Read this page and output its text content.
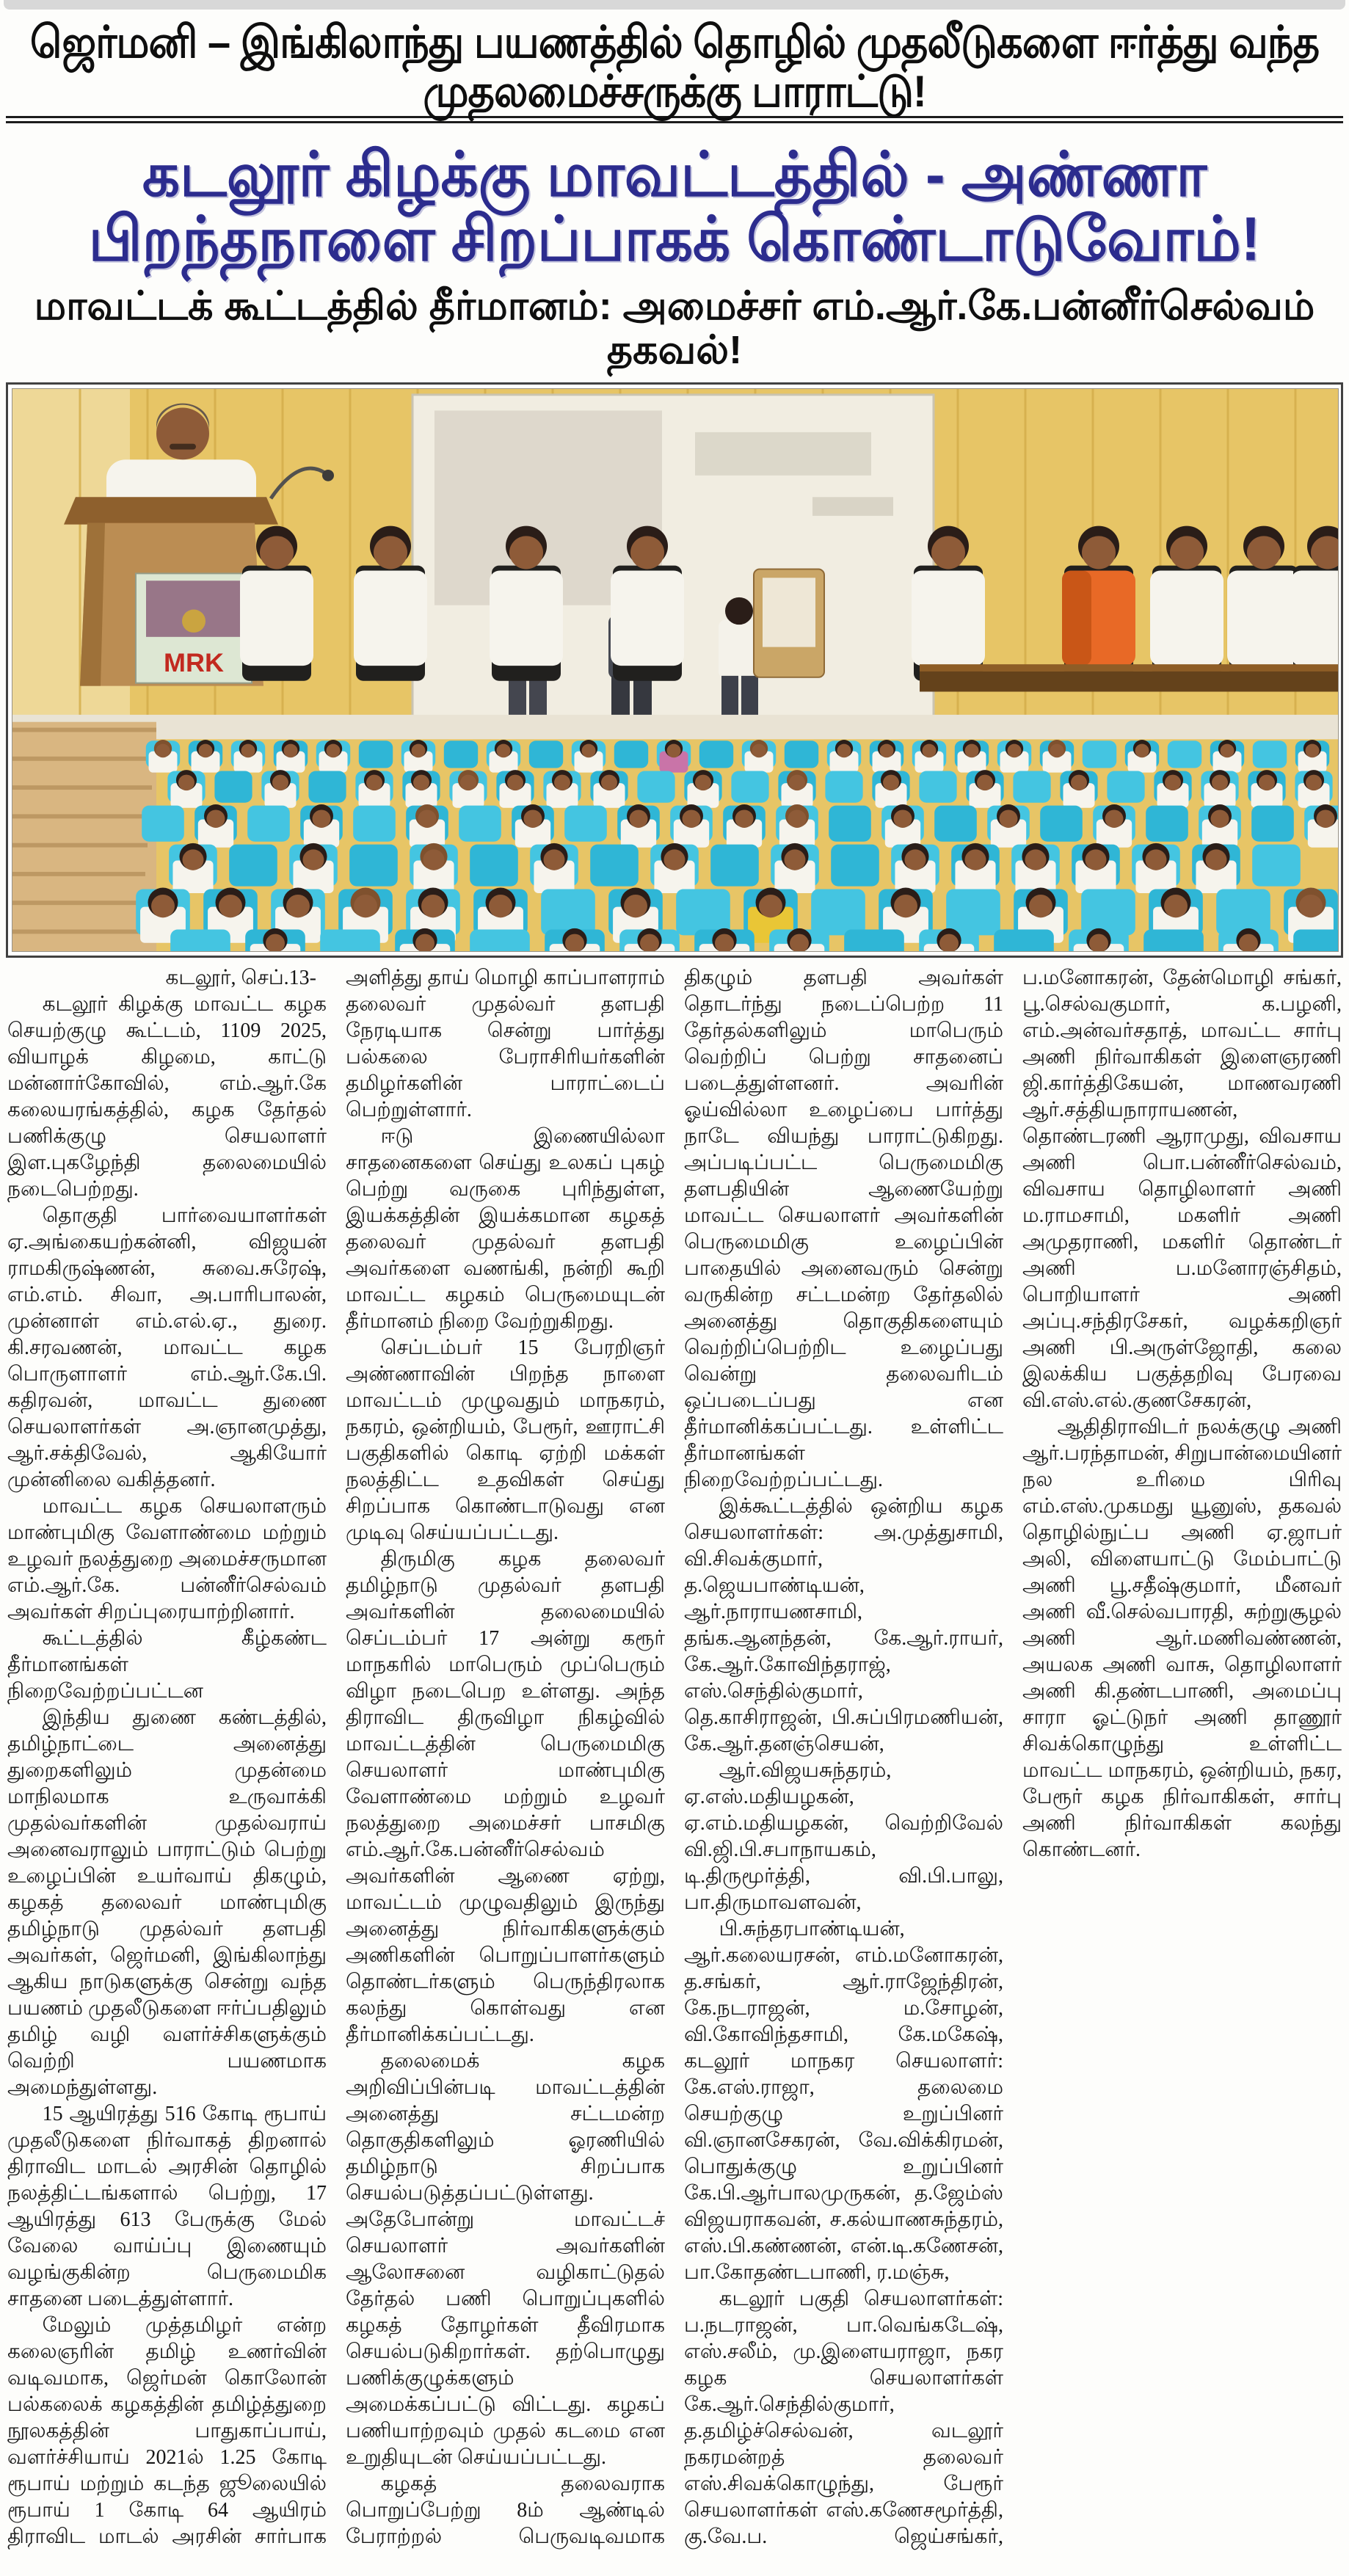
ஜெர்மனி – இங்கிலாந்து பயணத்தில் தொழில் முதலீடுகளை ஈர்த்து வந்த முதலமைச்சருக்கு பாராட்டு!
கடலூர் கிழக்கு மாவட்டத்தில் - அண்ணா பிறந்தநாளை சிறப்பாகக் கொண்டாடுவோம்!
மாவட்டக் கூட்டத்தில் தீர்மானம்: அமைச்சர் எம்.ஆர்.கே.பன்னீர்செல்வம் தகவல்!
MRK

கடலூர், செப்.13-

கடலூர் கிழக்கு மாவட்ட கழக செயற்குழு கூட்டம், 1109 2025, வியாழக் கிழமை, காட்டு மன்னார்கோவில், எம்.ஆர்.கே கலையரங்கத்தில், கழக தேர்தல் பணிக்குழு செயலாளர் இள.புகழேந்தி தலைமையில் நடைபெற்றது.

தொகுதி பார்வையாளர்கள் ஏ.அங்கையற்கன்னி, விஜயன் ராமகிருஷ்ணன், சுவை.சுரேஷ், எம்.எம். சிவா, அ.பாரிபாலன், முன்னாள் எம்.எல்.ஏ., துரை. கி.சரவணன், மாவட்ட கழக பொருளாளர் எம்.ஆர்.கே.பி. கதிரவன், மாவட்ட துணை செயலாளர்கள் அ.ஞானமுத்து, ஆர்.சக்திவேல், ஆகியோர் முன்னிலை வகித்தனர்.

மாவட்ட கழக செயலாளரும் மாண்புமிகு வேளாண்மை மற்றும் உழவர் நலத்துறை அமைச்சருமான எம்.ஆர்.கே. பன்னீர்செல்வம் அவர்கள் சிறப்புரையாற்றினார்.

கூட்டத்தில் கீழ்கண்ட தீர்மானங்கள் நிறைவேற்றப்பட்டன

இந்திய துணை கண்டத்தில், தமிழ்நாட்டை அனைத்து துறைகளிலும் முதன்மை மாநிலமாக உருவாக்கி முதல்வர்களின் முதல்வராய் அனைவராலும் பாராட்டும் பெற்று உழைப்பின் உயர்வாய் திகழும், கழகத் தலைவர் மாண்புமிகு தமிழ்நாடு முதல்வர் தளபதி அவர்கள், ஜெர்மனி, இங்கிலாந்து ஆகிய நாடுகளுக்கு சென்று வந்த பயணம் முதலீடுகளை ஈர்ப்பதிலும் தமிழ் வழி வளர்ச்சிகளுக்கும் வெற்றி பயணமாக அமைந்துள்ளது.

15 ஆயிரத்து 516 கோடி ரூபாய் முதலீடுகளை நிர்வாகத் திறனால் திராவிட மாடல் அரசின் தொழில் நலத்திட்டங்களால் பெற்று, 17 ஆயிரத்து 613 பேருக்கு மேல் வேலை வாய்ப்பு இணையும் வழங்குகின்ற பெருமைமிக சாதனை படைத்துள்ளார்.

மேலும் முத்தமிழர் என்ற கலைஞரின் தமிழ் உணர்வின் வடிவமாக, ஜெர்மன் கொலோன் பல்கலைக் கழகத்தின் தமிழ்த்துறை நூலகத்தின் பாதுகாப்பாய், வளர்ச்சியாய் 2021ல் 1.25 கோடி ரூபாய் மற்றும் கடந்த ஜூலையில் ரூபாய் 1 கோடி 64 ஆயிரம் திராவிட மாடல் அரசின் சார்பாக அளித்து தாய் மொழி காப்பாளராம் தலைவர் முதல்வர் தளபதி நேரடியாக சென்று பார்த்து பல்கலை பேராசிரியர்களின் தமிழர்களின் பாராட்டைப் பெற்றுள்ளார்.

ஈடு இணையில்லா சாதனைகளை செய்து உலகப் புகழ் பெற்று வருகை புரிந்துள்ள, இயக்கத்தின் இயக்கமான கழகத் தலைவர் முதல்வர் தளபதி அவர்களை வணங்கி, நன்றி கூறி மாவட்ட கழகம் பெருமையுடன் தீர்மானம் நிறை வேற்றுகிறது.

செப்டம்பர் 15 பேரறிஞர் அண்ணாவின் பிறந்த நாளை மாவட்டம் முழுவதும் மாநகரம், நகரம், ஒன்றியம், பேரூர், ஊராட்சி பகுதிகளில் கொடி ஏற்றி மக்கள் நலத்திட்ட உதவிகள் செய்து சிறப்பாக கொண்டாடுவது என முடிவு செய்யப்பட்டது.

திருமிகு கழக தலைவர் தமிழ்நாடு முதல்வர் தளபதி அவர்களின் தலைமையில் செப்டம்பர் 17 அன்று கரூர் மாநகரில் மாபெரும் முப்பெரும் விழா நடைபெற உள்ளது. அந்த திராவிட திருவிழா நிகழ்வில் மாவட்டத்தின் பெருமைமிகு செயலாளர் மாண்புமிகு வேளாண்மை மற்றும் உழவர் நலத்துறை அமைச்சர் பாசமிகு எம்.ஆர்.கே.பன்னீர்செல்வம் அவர்களின் ஆணை ஏற்று, மாவட்டம் முழுவதிலும் இருந்து அனைத்து நிர்வாகிகளுக்கும் அணிகளின் பொறுப்பாளர்களும் தொண்டர்களும் பெருந்திரலாக கலந்து கொள்வது என தீர்மானிக்கப்பட்டது.

தலைமைக் கழக அறிவிப்பின்படி மாவட்டத்தின் அனைத்து சட்டமன்ற தொகுதிகளிலும் ஓரணியில் தமிழ்நாடு சிறப்பாக செயல்படுத்தப்பட்டுள்ளது. அதேபோன்று மாவட்டச் செயலாளர் அவர்களின் ஆலோசனை வழிகாட்டுதல் தேர்தல் பணி பொறுப்புகளில் கழகத் தோழர்கள் தீவிரமாக செயல்படுகிறார்கள். தற்பொழுது பணிக்குழுக்களும் அமைக்கப்பட்டு விட்டது. கழகப் பணியாற்றவும் முதல் கடமை என உறுதியுடன் செய்யப்பட்டது.

கழகத் தலைவராக பொறுப்பேற்று 8ம் ஆண்டில் பேராற்றல் பெருவடிவமாக திகழும் தளபதி அவர்கள் தொடர்ந்து நடைப்பெற்ற 11 தேர்தல்களிலும் மாபெரும் வெற்றிப் பெற்று சாதனைப் படைத்துள்ளனர். அவரின் ஓய்வில்லா உழைப்பை பார்த்து நாடே வியந்து பாராட்டுகிறது. அப்படிப்பட்ட பெருமைமிகு தளபதியின் ஆணையேற்று மாவட்ட செயலாளர் அவர்களின் பெருமைமிகு உழைப்பின் பாதையில் அனைவரும் சென்று வருகின்ற சட்டமன்ற தேர்தலில் அனைத்து தொகுதிகளையும் வெற்றிப்பெற்றிட உழைப்பது வென்று தலைவரிடம் ஒப்படைப்பது என தீர்மானிக்கப்பட்டது. உள்ளிட்ட தீர்மானங்கள் நிறைவேற்றப்பட்டது.

இக்கூட்டத்தில் ஒன்றிய கழக செயலாளர்கள்: அ.முத்துசாமி, வி.சிவக்குமார், த.ஜெயபாண்டியன், ஆர்.நாராயணசாமி, தங்க.ஆனந்தன், கே.ஆர்.ராயர், கே.ஆர்.கோவிந்தராஜ், எஸ்.செந்தில்குமார், தெ.காசிராஜன், பி.சுப்பிரமணியன், கே.ஆர்.தனஞ்செயன்,

ஆர்.விஜயசுந்தரம், ஏ.எஸ்.மதியழகன், ஏ.எம்.மதியழகன், வெற்றிவேல் வி.ஜி.பி.சபாநாயகம், டி.திருமூர்த்தி, வி.பி.பாலு, பா.திருமாவளவன்,

பி.சுந்தரபாண்டியன், ஆர்.கலையரசன், எம்.மனோகரன், த.சங்கர், ஆர்.ராஜேந்திரன், கே.நடராஜன், ம.சோழன், வி.கோவிந்தசாமி, கே.மகேஷ், கடலூர் மாநகர செயலாளர்: கே.எஸ்.ராஜா, தலைமை செயற்குழு உறுப்பினர் வி.ஞானசேகரன், வே.விக்கிரமன், பொதுக்குழு உறுப்பினர் கே.பி.ஆர்பாலமுருகன், த.ஜேம்ஸ் விஜயராகவன், ச.கல்யாணசுந்தரம், எஸ்.பி.கண்ணன், என்.டி.கணேசன், பா.கோதண்டபாணி, ர.மஞ்சு,

கடலூர் பகுதி செயலாளர்கள்: ப.நடராஜன், பா.வெங்கடேஷ், எஸ்.சலீம், மு.இளையராஜா, நகர கழக செயலாளர்கள் கே.ஆர்.செந்தில்குமார், த.தமிழ்ச்செல்வன், வடலூர் நகரமன்றத் தலைவர் எஸ்.சிவக்கொழுந்து, பேரூர் செயலாளர்கள் எஸ்.கணேசமூர்த்தி, கு.வே.ப. ஜெய்சங்கர், ப.மனோகரன், தேன்மொழி சங்கர், பூ.செல்வகுமார், க.பழனி, எம்.அன்வர்சதாத், மாவட்ட சார்பு அணி நிர்வாகிகள் இளைஞரணி ஜி.கார்த்திகேயன், மாணவரணி ஆர்.சத்தியநாராயணன், தொண்டரணி ஆராமுது, விவசாய அணி பொ.பன்னீர்செல்வம், விவசாய தொழிலாளர் அணி ம.ராமசாமி, மகளிர் அணி அமுதராணி, மகளிர் தொண்டர் அணி ப.மனோரஞ்சிதம், பொறியாளர் அணி அப்பு.சந்திரசேகர், வழக்கறிஞர் அணி பி.அருள்ஜோதி, கலை இலக்கிய பகுத்தறிவு பேரவை வி.எஸ்.எல்.குணசேகரன்,

ஆதிதிராவிடர் நலக்குழு அணி ஆர்.பரந்தாமன், சிறுபான்மையினர் நல உரிமை பிரிவு எம்.எஸ்.முகமது யூனுஸ், தகவல் தொழில்நுட்ப அணி ஏ.ஜாபர் அலி, விளையாட்டு மேம்பாட்டு அணி பூ.சதீஷ்குமார், மீனவர் அணி வீ.செல்வபாரதி, சுற்றுசூழல் அணி ஆர்.மணிவண்ணன், அயலக அணி வாசு, தொழிலாளர் அணி கி.தண்டபாணி, அமைப்பு சாரா ஓட்டுநர் அணி தாணூர் சிவக்கொழுந்து உள்ளிட்ட மாவட்ட மாநகரம், ஒன்றியம், நகர, பேரூர் கழக நிர்வாகிகள், சார்பு அணி நிர்வாகிகள் கலந்து கொண்டனர்.
